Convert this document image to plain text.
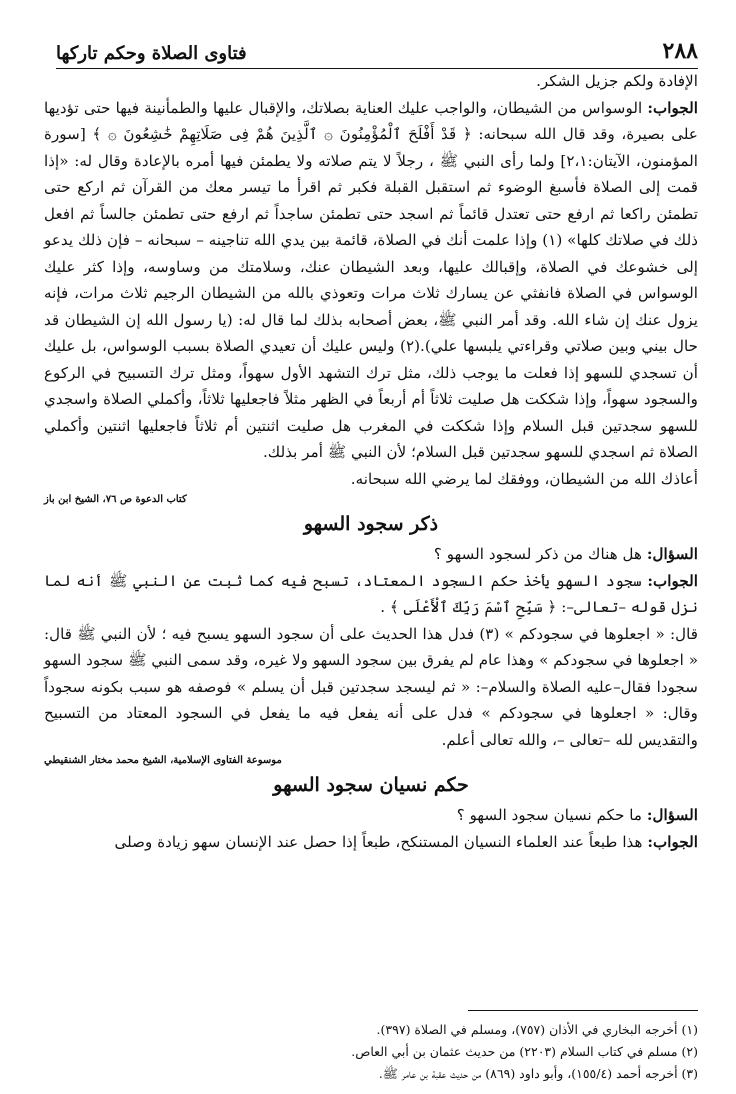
٢٨٨
فتاوى الصلاة وحكم تاركها

الإفادة ولكم جزيل الشكر.

الجواب: الوسواس من الشيطان، والواجب عليك العناية بصلاتك، والإقبال عليها والطمأنينة فيها حتى تؤديها على بصيرة، وقد قال الله سبحانه: ﴿ قَدْ أَفْلَحَ ٱلْمُؤْمِنُونَ ۞ ٱلَّذِينَ هُمْ فِى صَلَاتِهِمْ خَٰشِعُونَ ۞ ﴾ [سورة المؤمنون، الآيتان:٢،١] ولما رأى النبي ﷺ ، رجلاً لا يتم صلاته ولا يطمئن فيها أمره بالإعادة وقال له: «إذا قمت إلى الصلاة فأسبغ الوضوء ثم استقبل القبلة فكبر ثم اقرأ ما تيسر معك من القرآن ثم اركع حتى تطمئن راكعا ثم ارفع حتى تعتدل قائماً ثم اسجد حتى تطمئن ساجداً ثم ارفع حتى تطمئن جالساً ثم افعل ذلك في صلاتك كلها» (١) وإذا علمت أنك في الصلاة، قائمة بين يدي الله تناجينه – سبحانه – فإن ذلك يدعو إلى خشوعك في الصلاة، وإقبالك عليها، وبعد الشيطان عنك، وسلامتك من وساوسه، وإذا كثر عليك الوسواس في الصلاة فانفثي عن يسارك ثلاث مرات وتعوذي بالله من الشيطان الرجيم ثلاث مرات، فإنه يزول عنك إن شاء الله. وقد أمر النبي ﷺ، بعض أصحابه بذلك لما قال له: (يا رسول الله إن الشيطان قد حال بيني وبين صلاتي وقراءتي يلبسها علي).(٢) وليس عليك أن تعيدي الصلاة بسبب الوسواس، بل عليك أن تسجدي للسهو إذا فعلت ما يوجب ذلك، مثل ترك التشهد الأول سهواً، ومثل ترك التسبيح في الركوع والسجود سهواً، وإذا شككت هل صليت ثلاثاً أم أربعاً في الظهر مثلاً فاجعليها ثلاثاً، وأكملي الصلاة واسجدي للسهو سجدتين قبل السلام وإذا شككت في المغرب هل صليت اثنتين أم ثلاثاً فاجعليها اثنتين وأكملي الصلاة ثم اسجدي للسهو سجدتين قبل السلام؛ لأن النبي ﷺ أمر بذلك.

أعاذك الله من الشيطان، ووفقك لما يرضي الله سبحانه.

كتاب الدعوة ص ٧٦، الشيخ ابن باز
ذكر سجود السهو

السؤال: هل هناك من ذكر لسجود السهو ؟

الجواب: سجود السهو يأخذ حكم السجود المعتاد، تسبح فيه كما ثبت عن النبي ﷺ أنه لما نزل قوله –تعالى–: ﴿ سَبِّحِ ٱسْمَ رَبِّكَ ٱلْأَعْلَى ﴾ .

قال: « اجعلوها في سجودكم » (٣) فدل هذا الحديث على أن سجود السهو يسبح فيه ؛ لأن النبي ﷺ قال: « اجعلوها في سجودكم » وهذا عام لم يفرق بين سجود السهو ولا غيره، وقد سمى النبي ﷺ سجود السهو سجودا فقال–عليه الصلاة والسلام–: « ثم ليسجد سجدتين قبل أن يسلم » فوصفه هو سبب بكونه سجوداً وقال: « اجعلوها في سجودكم » فدل على أنه يفعل فيه ما يفعل في السجود المعتاد من التسبيح والتقديس لله –تعالى –، والله تعالى أعلم.

موسوعة الفتاوى الإسلامية، الشيخ محمد مختار الشنقيطي
حكم نسيان سجود السهو

السؤال: ما حكم نسيان سجود السهو ؟

الجواب: هذا طبعاً عند العلماء النسيان المستنكح، طبعاً إذا حصل عند الإنسان سهو زيادة وصلى

(١) أخرجه البخاري في الأذان (٧٥٧)، ومسلم في الصلاة (٣٩٧).

(٢) مسلم في كتاب السلام (٢٢٠٣) من حديث عثمان بن أبي العاص.

(٣) أخرجه أحمد (١٥٥/٤)، وأبو داود (٨٦٩) من حديث عقبة بن عامر ﷺ.
